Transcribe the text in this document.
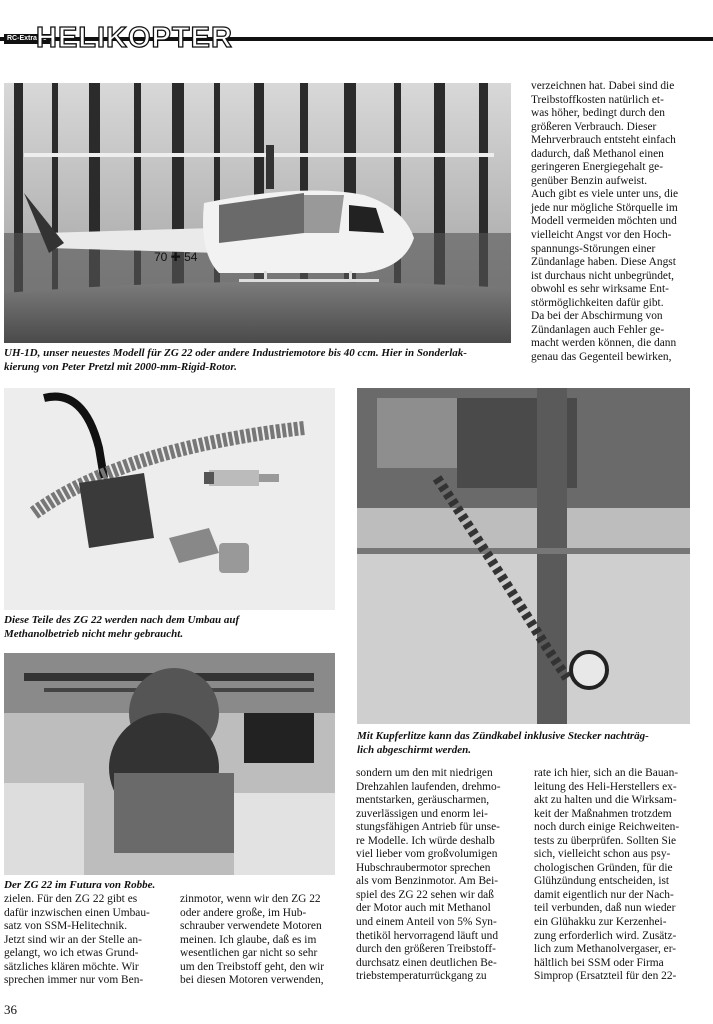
RC-Extra 16
HELIKOPTER
70 ✚ 54

verzeichnen hat. Dabei sind die

Treibstoffkosten natürlich et-

was höher, bedingt durch den

größeren Verbrauch. Dieser

Mehrverbrauch entsteht einfach

dadurch, daß Methanol einen

geringeren Energiegehalt ge-

genüber Benzin aufweist.

Auch gibt es viele unter uns, die

jede nur mögliche Störquelle im

Modell vermeiden möchten und

vielleicht Angst vor den Hoch-

spannungs-Störungen einer

Zündanlage haben. Diese Angst

ist durchaus nicht unbegründet,

obwohl es sehr wirksame Ent-

störmöglichkeiten dafür gibt.

Da bei der Abschirmung von

Zündanlagen auch Fehler ge-

macht werden können, die dann

genau das Gegenteil bewirken,

UH-1D, unser neuestes Modell für ZG 22 oder andere Industriemotore bis 40 ccm. Hier in Sonderlak-
kierung von Peter Pretzl mit 2000-mm-Rigid-Rotor.
Diese Teile des ZG 22 werden nach dem Umbau auf
Methanolbetrieb nicht mehr gebraucht.
Mit Kupferlitze kann das Zündkabel inklusive Stecker nachträg-
lich abgeschirmt werden.
Der ZG 22 im Futura von Robbe.

zielen. Für den ZG 22 gibt es

dafür inzwischen einen Umbau-

satz von SSM-Helitechnik.

Jetzt sind wir an der Stelle an-

gelangt, wo ich etwas Grund-

sätzliches klären möchte. Wir

sprechen immer nur vom Ben-

zinmotor, wenn wir den ZG 22

oder andere große, im Hub-

schrauber verwendete Motoren

meinen. Ich glaube, daß es im

wesentlichen gar nicht so sehr

um den Treibstoff geht, den wir

bei diesen Motoren verwenden,

sondern um den mit niedrigen

Drehzahlen laufenden, drehmo-

mentstarken, geräuscharmen,

zuverlässigen und enorm lei-

stungsfähigen Antrieb für unse-

re Modelle. Ich würde deshalb

viel lieber vom großvolumigen

Hubschraubermotor sprechen

als vom Benzinmotor. Am Bei-

spiel des ZG 22 sehen wir daß

der Motor auch mit Methanol

und einem Anteil von 5% Syn-

thetiköl hervorragend läuft und

durch den größeren Treibstoff-

durchsatz einen deutlichen Be-

triebstemperaturrückgang zu

rate ich hier, sich an die Bauan-

leitung des Heli-Herstellers ex-

akt zu halten und die Wirksam-

keit der Maßnahmen trotzdem

noch durch einige Reichweiten-

tests zu überprüfen. Sollten Sie

sich, vielleicht schon aus psy-

chologischen Gründen, für die

Glühzündung entscheiden, ist

damit eigentlich nur der Nach-

teil verbunden, daß nun wieder

ein Glühakku zur Kerzenhei-

zung erforderlich wird. Zusätz-

lich zum Methanolvergaser, er-

hältlich bei SSM oder Firma

Simprop (Ersatzteil für den 22-

36
